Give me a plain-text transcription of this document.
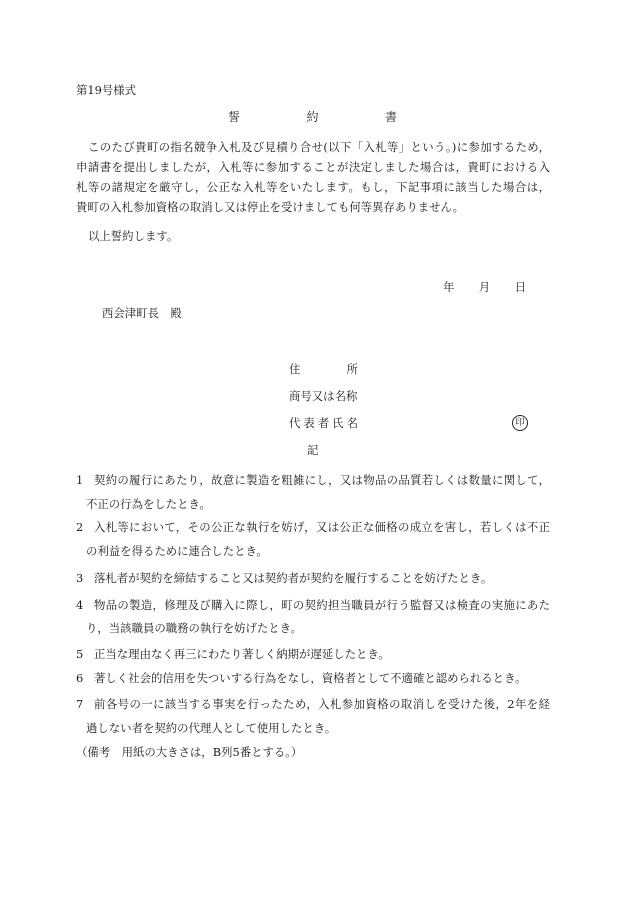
第19号様式
誓	約	書
このたび貴町の指名競争入札及び見積り合せ(以下「入札等」という。)に参加するため，
申請書を提出しましたが，入札等に参加することが決定しました場合は，貴町における入
札等の諸規定を厳守し，公正な入札等をいたします。もし，下記事項に該当した場合は，
貴町の入札参加資格の取消し又は停止を受けましても何等異存ありません。
以上誓約します。
年 月 日
西会津町長　殿
住	所
商号又は名称
代 表 者 氏 名	印
記
1 契約の履行にあたり，故意に製造を粗雑にし，又は物品の品質若しくは数量に関して，
不正の行為をしたとき。
2 入札等において，その公正な執行を妨げ，又は公正な価格の成立を害し，若しくは不正
の利益を得るために連合したとき。
3 落札者が契約を締結すること又は契約者が契約を履行することを妨げたとき。
4 物品の製造，修理及び購入に際し，町の契約担当職員が行う監督又は検査の実施にあた
り，当該職員の職務の執行を妨げたとき。
5 正当な理由なく再三にわたり著しく納期が遅延したとき。
6 著しく社会的信用を失ついする行為をなし，資格者として不適確と認められるとき。
7 前各号の一に該当する事実を行ったため，入札参加資格の取消しを受けた後，2年を経
過しない者を契約の代理人として使用したとき。
（備考　用紙の大きさは，B列5番とする。）
